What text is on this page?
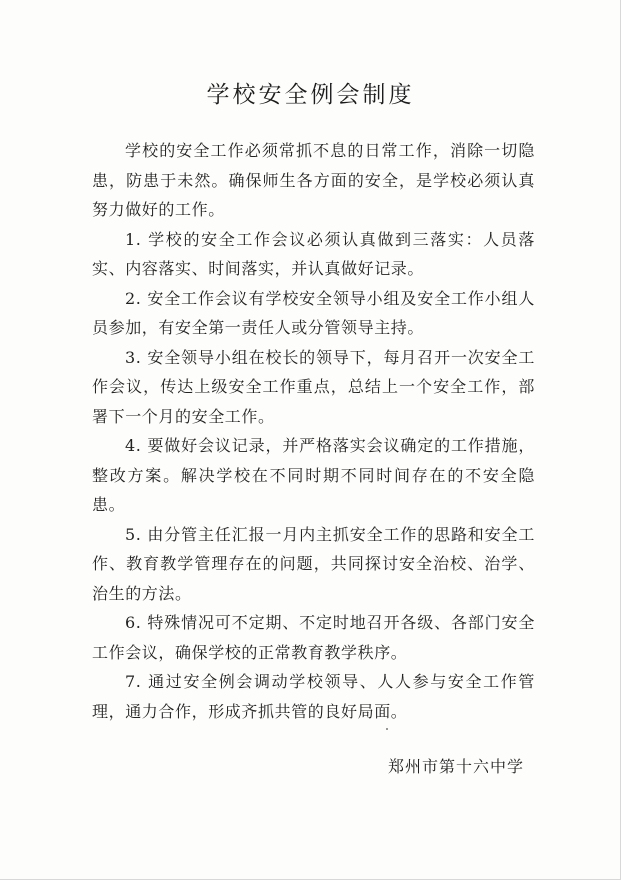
学校安全例会制度

学校的安全工作必须常抓不息的日常工作，消除一切隐患，防患于未然。确保师生各方面的安全，是学校必须认真努力做好的工作。

1. 学校的安全工作会议必须认真做到三落实：人员落实、内容落实、时间落实，并认真做好记录。

2. 安全工作会议有学校安全领导小组及安全工作小组人员参加，有安全第一责任人或分管领导主持。

3. 安全领导小组在校长的领导下，每月召开一次安全工作会议，传达上级安全工作重点，总结上一个安全工作，部署下一个月的安全工作。

4. 要做好会议记录，并严格落实会议确定的工作措施，整改方案。解决学校在不同时期不同时间存在的不安全隐患。

5. 由分管主任汇报一月内主抓安全工作的思路和安全工作、教育教学管理存在的问题，共同探讨安全治校、治学、治生的方法。

6. 特殊情况可不定期、不定时地召开各级、各部门安全工作会议，确保学校的正常教育教学秩序。

7. 通过安全例会调动学校领导、人人参与安全工作管理，通力合作，形成齐抓共管的良好局面。

郑州市第十六中学
